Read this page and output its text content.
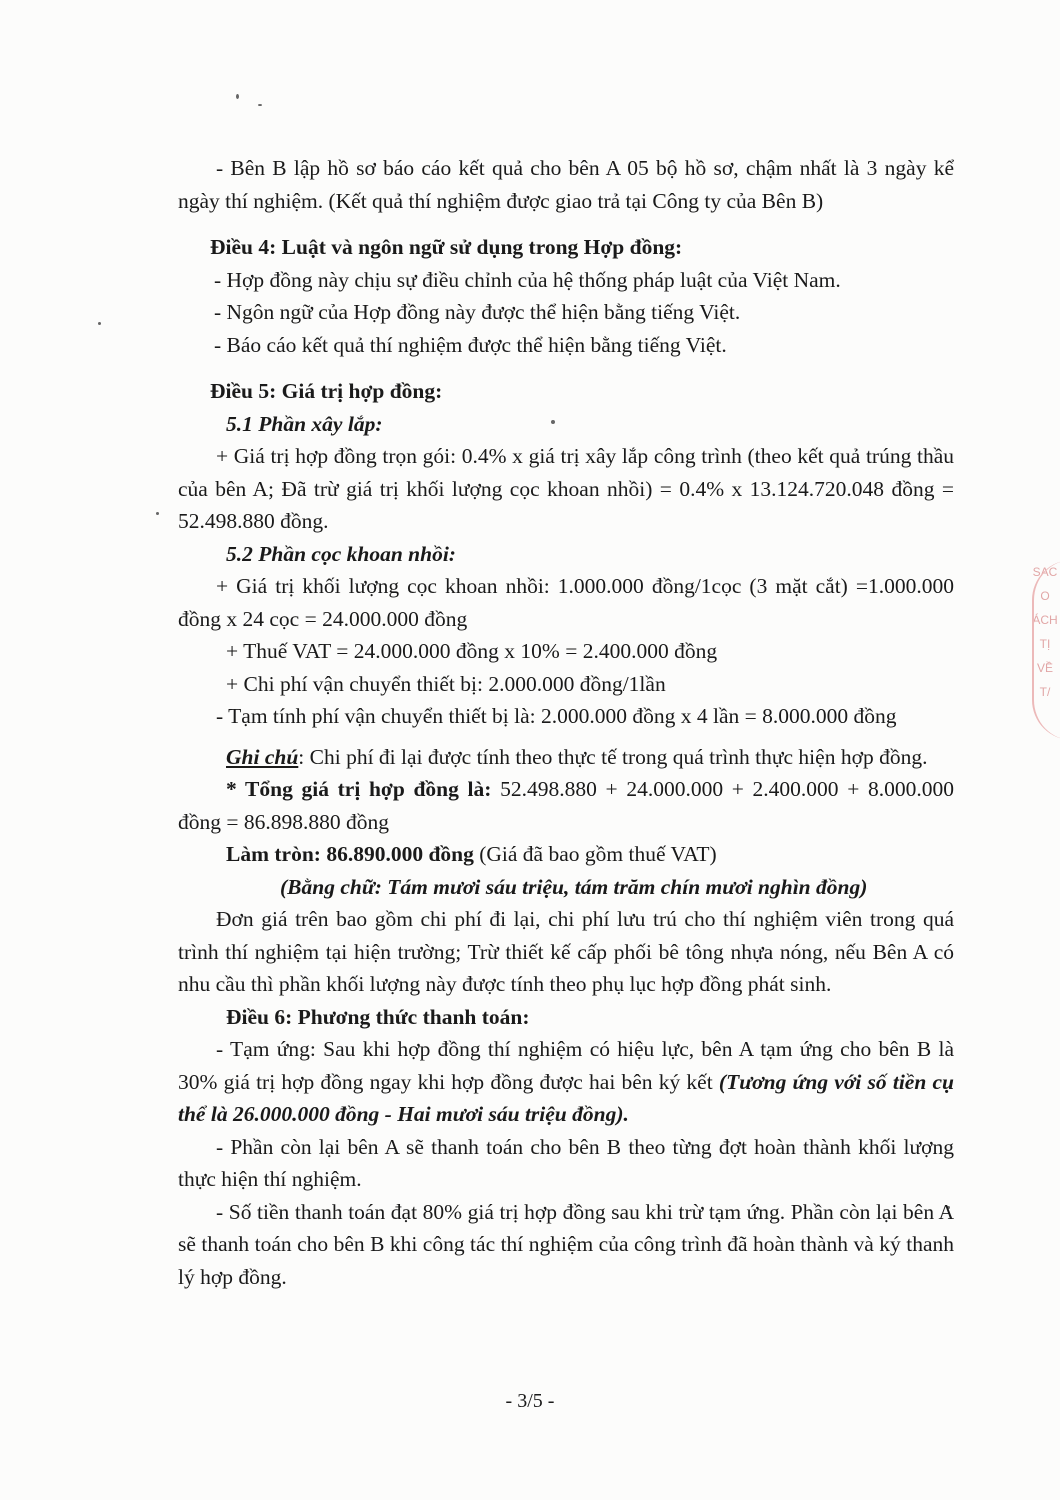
- Bên B lập hồ sơ báo cáo kết quả cho bên A 05 bộ hồ sơ, chậm nhất là 3 ngày kể ngày thí nghiệm. (Kết quả thí nghiệm được giao trả tại Công ty của Bên B)

Điều 4: Luật và ngôn ngữ sử dụng trong Hợp đồng:

- Hợp đồng này chịu sự điều chỉnh của hệ thống pháp luật của Việt Nam.

- Ngôn ngữ của Hợp đồng này được thể hiện bằng tiếng Việt.

- Báo cáo kết quả thí nghiệm được thể hiện bằng tiếng Việt.

Điều 5: Giá trị hợp đồng:

5.1 Phần xây lắp:

+ Giá trị hợp đồng trọn gói: 0.4% x giá trị xây lắp công trình (theo kết quả trúng thầu của bên A; Đã trừ giá trị khối lượng cọc khoan nhồi) = 0.4% x 13.124.720.048 đồng = 52.498.880 đồng.

5.2 Phần cọc khoan nhồi:

+ Giá trị khối lượng cọc khoan nhồi: 1.000.000 đồng/1cọc (3 mặt cắt) =1.000.000 đồng x 24 cọc = 24.000.000 đồng

+ Thuế VAT = 24.000.000 đồng x 10% = 2.400.000 đồng

+ Chi phí vận chuyển thiết bị: 2.000.000 đồng/1lần

- Tạm tính phí vận chuyển thiết bị là: 2.000.000 đồng x 4 lần = 8.000.000 đồng

Ghi chú: Chi phí đi lại được tính theo thực tế trong quá trình thực hiện hợp đồng.

* Tổng giá trị hợp đồng là: 52.498.880 + 24.000.000 + 2.400.000 + 8.000.000 đồng = 86.898.880 đồng

Làm tròn: 86.890.000 đồng (Giá đã bao gồm thuế VAT)

(Bằng chữ: Tám mươi sáu triệu, tám trăm chín mươi nghìn đồng)

Đơn giá trên bao gồm chi phí đi lại, chi phí lưu trú cho thí nghiệm viên trong quá trình thí nghiệm tại hiện trường; Trừ thiết kế cấp phối bê tông nhựa nóng, nếu Bên A có nhu cầu thì phần khối lượng này được tính theo phụ lục hợp đồng phát sinh.

Điều 6: Phương thức thanh toán:

- Tạm ứng: Sau khi hợp đồng thí nghiệm có hiệu lực, bên A tạm ứng cho bên B là 30% giá trị hợp đồng ngay khi hợp đồng được hai bên ký kết (Tương ứng với số tiền cụ thể là 26.000.000 đồng - Hai mươi sáu triệu đồng).

- Phần còn lại bên A sẽ thanh toán cho bên B theo từng đợt hoàn thành khối lượng thực hiện thí nghiệm.

- Số tiền thanh toán đạt 80% giá trị hợp đồng sau khi trừ tạm ứng. Phần còn lại bên A sẽ thanh toán cho bên B khi công tác thí nghiệm của công trình đã hoàn thành và ký thanh lý hợp đồng.

SAC
O
ÁCH
TỊ
VỀ
T/
- 3/5 -
